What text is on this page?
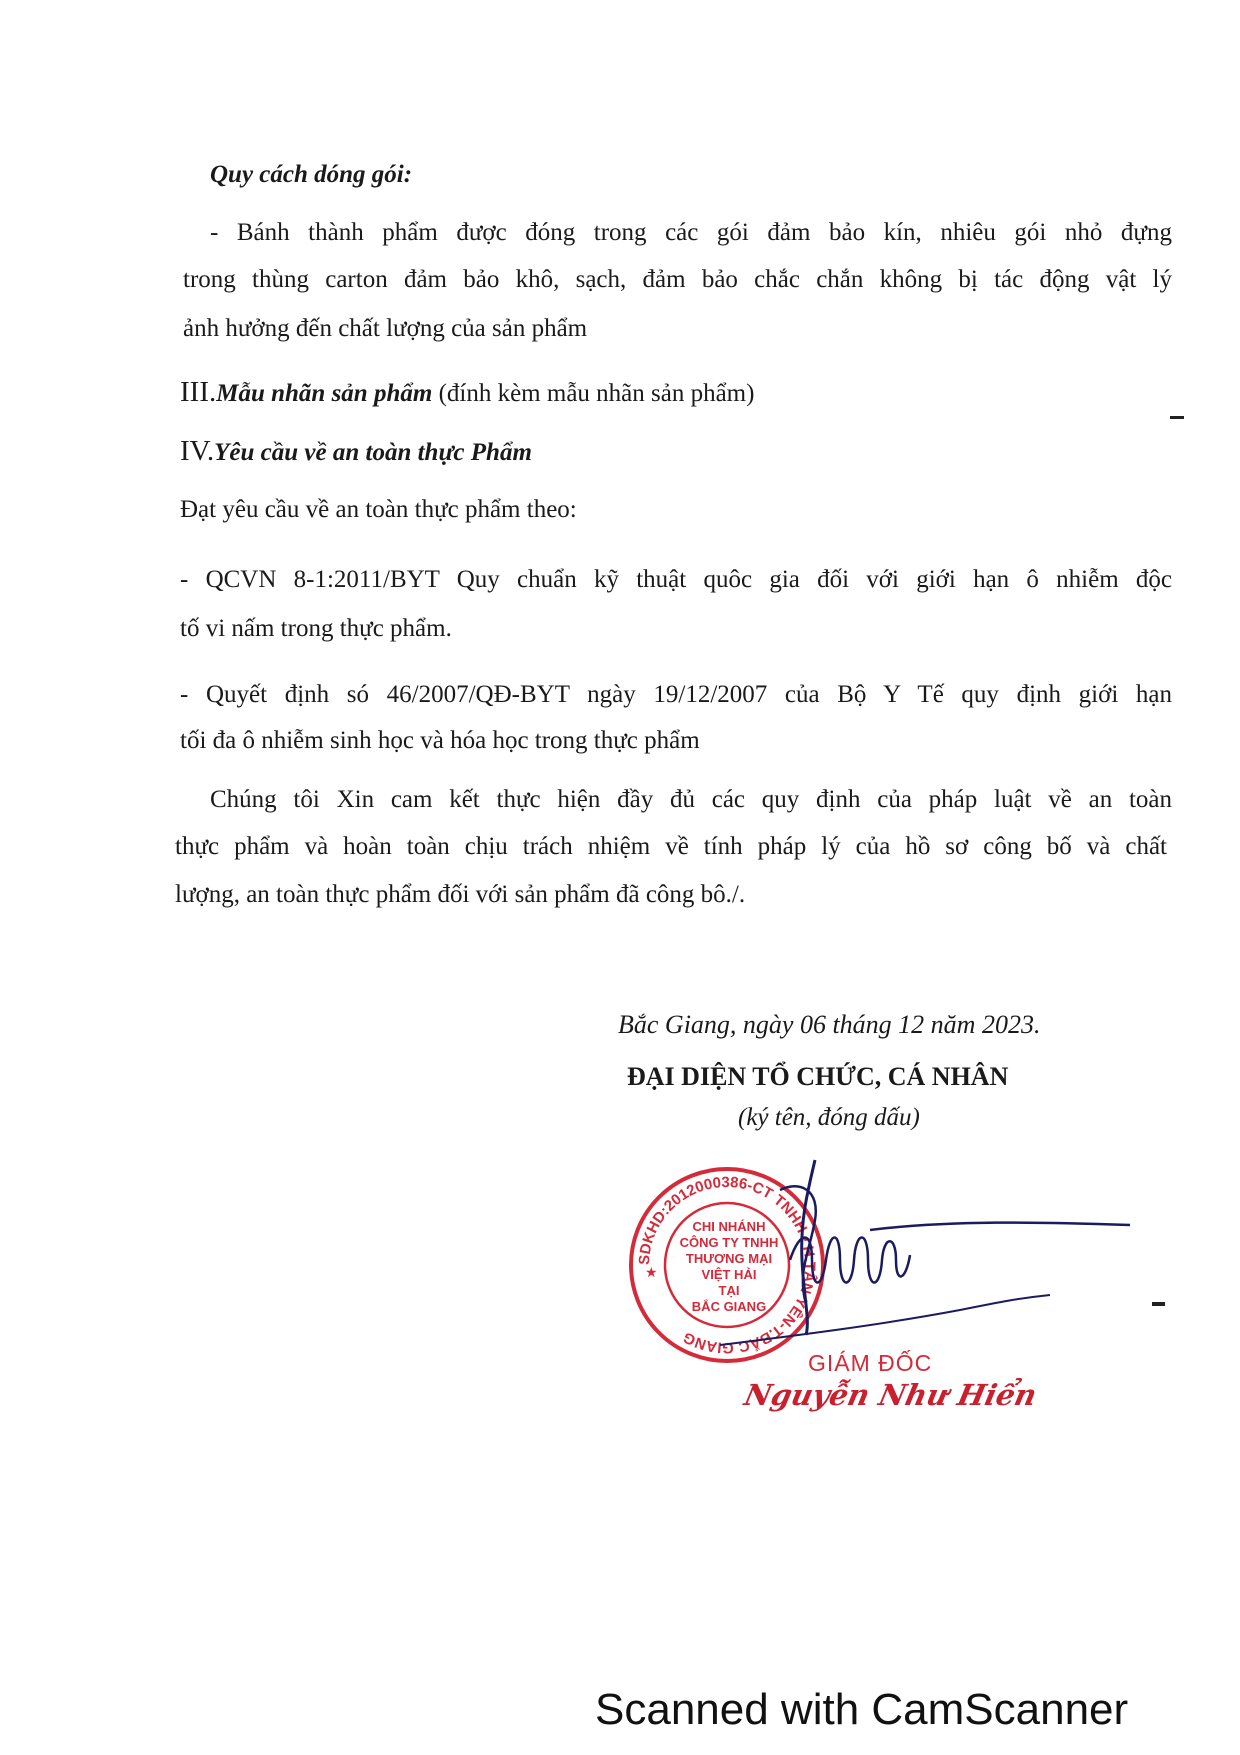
Quy cách dóng gói:
- Bánh thành phẩm được đóng trong các gói đảm bảo kín, nhiêu gói nhỏ đựng
trong thùng carton đảm bảo khô, sạch, đảm bảo chắc chắn không bị tác động vật lý
ảnh hưởng đến chất lượng của sản phẩm
III.Mẫu nhãn sản phẩm (đính kèm mẫu nhãn sản phẩm)
IV.Yêu cầu về an toàn thực Phẩm
Đạt yêu cầu về an toàn thực phẩm theo:
- QCVN 8-1:2011/BYT Quy chuẩn kỹ thuật quôc gia đối với giới hạn ô nhiễm độc
tố vi nấm trong thực phẩm.
- Quyết định só 46/2007/QĐ-BYT ngày 19/12/2007 của Bộ Y Tế quy định giới hạn
tối đa ô nhiễm sinh học và hóa học trong thực phẩm
Chúng tôi Xin cam kết thực hiện đầy đủ các quy định của pháp luật về an toàn
thực phẩm và hoàn toàn chịu trách nhiệm về tính pháp lý của hồ sơ công bố và chất
lượng, an toàn thực phẩm đối với sản phẩm đã công bô./.
Bắc Giang, ngày 06 tháng 12 năm 2023.
ĐẠI DIỆN TỔ CHỨC, CÁ NHÂN
(ký tên, đóng dấu)
SDKHD:2012000386-CT TNHH • H.TÂN YÊN-T.BẮC GIANG
★
CHI NHÁNH
CÔNG TY TNHH
THƯƠNG MẠI
VIỆT HẢI
TẠI
BẮC GIANG
GIÁM ĐỐC
Nguyễn Như Hiển
Scanned with CamScanner
